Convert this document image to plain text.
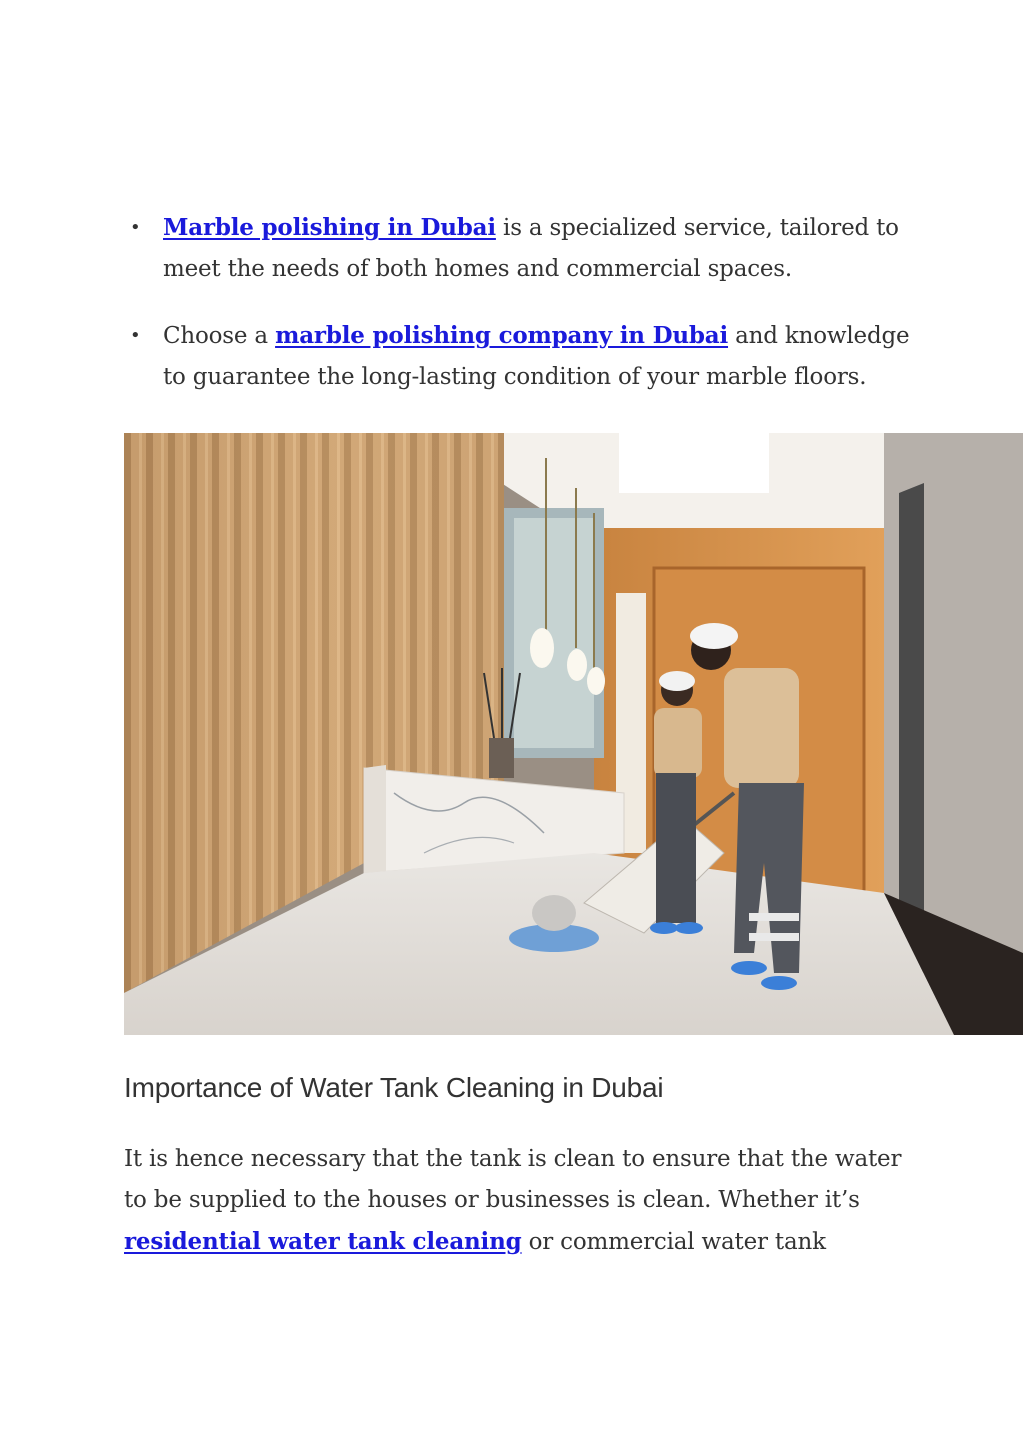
• Marble polishing in Dubai is a specialized service, tailored to meet the needs of both homes and commercial spaces.
• Choose a marble polishing company in Dubai and knowledge to guarantee the long-lasting condition of your marble floors.
Importance of Water Tank Cleaning in Dubai

It is hence necessary that the tank is clean to ensure that the water to be supplied to the houses or businesses is clean. Whether it’s residential water tank cleaning or commercial water tank
